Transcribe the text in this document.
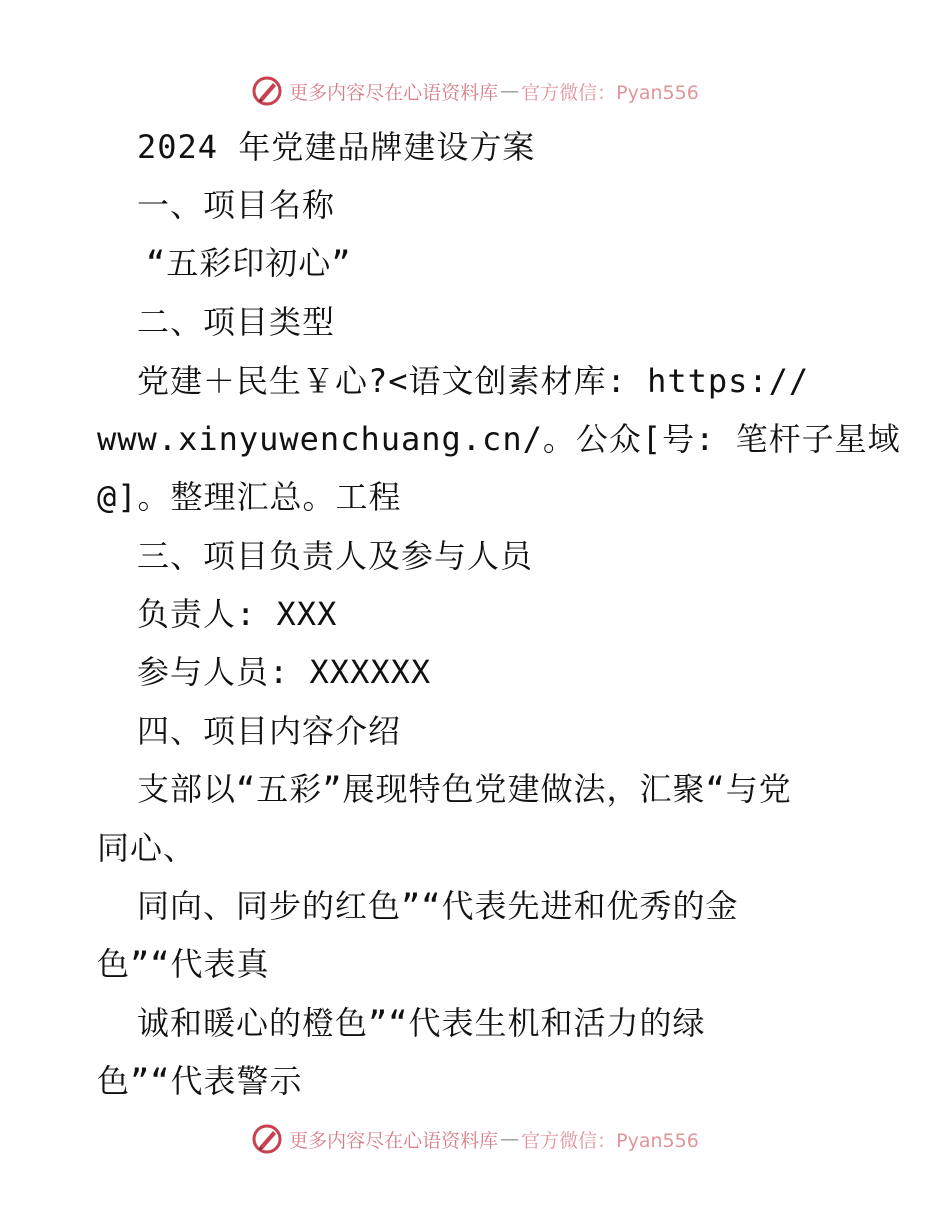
更多内容尽在心语资料库 — 官方微信：Pyan556
2024 年党建品牌建设方案
一、项目名称
“五彩印初心”
二、项目类型
党建＋民生￥心?<语文创素材库: https://
www.xinyuwenchuang.cn/。公众[号: 笔杆子星域
@]。整理汇总。工程
三、项目负责人及参与人员
负责人: XXX
参与人员: XXXXXX
四、项目内容介绍
支部以“五彩”展现特色党建做法，汇聚“与党
同心、
同向、同步的红色”“代表先进和优秀的金
色”“代表真
诚和暖心的橙色”“代表生机和活力的绿
色”“代表警示
更多内容尽在心语资料库 — 官方微信：Pyan556
